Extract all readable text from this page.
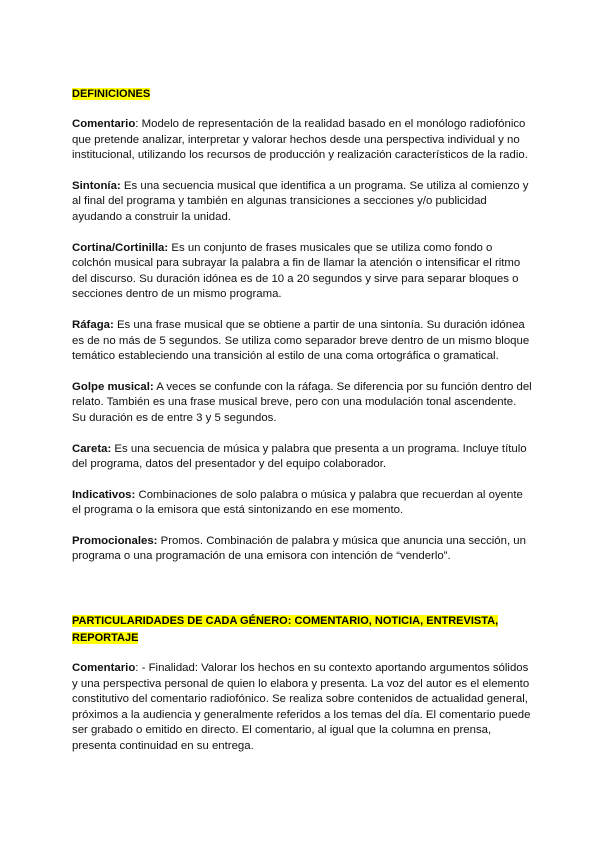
DEFINICIONES

Comentario: Modelo de representación de la realidad basado en el monólogo radiofónico que pretende analizar, interpretar y valorar hechos desde una perspectiva individual y no institucional, utilizando los recursos de producción y realización característicos de la radio.

Sintonía: Es una secuencia musical que identifica a un programa. Se utiliza al comienzo y al final del programa y también en algunas transiciones a secciones y/o publicidad ayudando a construir la unidad.

Cortina/Cortinilla: Es un conjunto de frases musicales que se utiliza como fondo o colchón musical para subrayar la palabra a fin de llamar la atención o intensificar el ritmo del discurso. Su duración idónea es de 10 a 20 segundos y sirve para separar bloques o secciones dentro de un mismo programa.

Ráfaga: Es una frase musical que se obtiene a partir de una sintonía. Su duración idónea es de no más de 5 segundos. Se utiliza como separador breve dentro de un mismo bloque temático estableciendo una transición al estilo de una coma ortográfica o gramatical.

Golpe musical: A veces se confunde con la ráfaga. Se diferencia por su función dentro del relato. También es una frase musical breve, pero con una modulación tonal ascendente. Su duración es de entre 3 y 5 segundos.

Careta: Es una secuencia de música y palabra que presenta a un programa. Incluye título del programa, datos del presentador y del equipo colaborador.

Indicativos: Combinaciones de solo palabra o música y palabra que recuerdan al oyente el programa o la emisora que está sintonizando en ese momento.

Promocionales: Promos. Combinación de palabra y música que anuncia una sección, un programa o una programación de una emisora con intención de “venderlo”.

PARTICULARIDADES DE CADA GÉNERO: COMENTARIO, NOTICIA, ENTREVISTA, REPORTAJE

Comentario: - Finalidad: Valorar los hechos en su contexto aportando argumentos sólidos y una perspectiva personal de quien lo elabora y presenta. La voz del autor es el elemento constitutivo del comentario radiofónico. Se realiza sobre contenidos de actualidad general, próximos a la audiencia y generalmente referidos a los temas del día. El comentario puede ser grabado o emitido en directo. El comentario, al igual que la columna en prensa, presenta continuidad en su entrega.
